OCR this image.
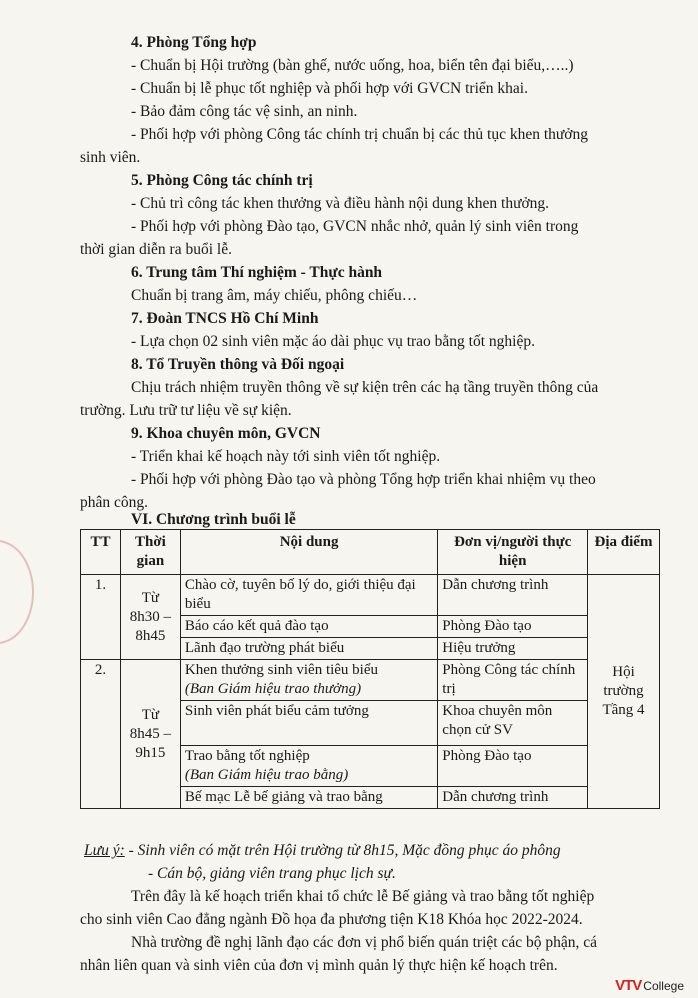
4. Phòng Tổng hợp
- Chuẩn bị Hội trường (bàn ghế, nước uống, hoa, biển tên đại biểu,…..)
- Chuẩn bị lễ phục tốt nghiệp và phối hợp với GVCN triển khai.
- Bảo đảm công tác vệ sinh, an ninh.
- Phối hợp với phòng Công tác chính trị chuẩn bị các thủ tục khen thưởng
sinh viên.
5. Phòng Công tác chính trị
- Chủ trì công tác khen thưởng và điều hành nội dung khen thưởng.
- Phối hợp với phòng Đào tạo, GVCN nhắc nhở, quản lý sinh viên trong
thời gian diễn ra buổi lễ.
6. Trung tâm Thí nghiệm - Thực hành
Chuẩn bị trang âm, máy chiếu, phông chiếu…
7. Đoàn TNCS Hồ Chí Minh
- Lựa chọn 02 sinh viên mặc áo dài phục vụ trao bằng tốt nghiệp.
8. Tổ Truyền thông và Đối ngoại
Chịu trách nhiệm truyền thông về sự kiện trên các hạ tầng truyền thông của
trường. Lưu trữ tư liệu về sự kiện.
9. Khoa chuyên môn, GVCN
- Triển khai kế hoạch này tới sinh viên tốt nghiệp.
- Phối hợp với phòng Đào tạo và phòng Tổng hợp triển khai nhiệm vụ theo
phân công.
VI. Chương trình buổi lễ
TT	Thời gian	Nội dung	Đơn vị/người thực hiện	Địa điểm
1.	Từ 8h30 – 8h45	Chào cờ, tuyên bố lý do, giới thiệu đại biểu	Dẫn chương trình	Hội trường Tầng 4
		Báo cáo kết quả đào tạo	Phòng Đào tạo	
		Lãnh đạo trường phát biểu	Hiệu trưởng	
2.	Từ 8h45 – 9h15	Khen thưởng sinh viên tiêu biểu
(Ban Giám hiệu trao thưởng)	Phòng Công tác chính trị	
		Sinh viên phát biểu cảm tưởng	Khoa chuyên môn chọn cử SV	

		Trao bằng tốt nghiệp
(Ban Giám hiệu trao bằng)	Phòng Đào tạo	
		Bế mạc Lễ bế giảng và trao bằng	Dẫn chương trình	
Lưu ý: - Sinh viên có mặt trên Hội trường từ 8h15, Mặc đồng phục áo phông
- Cán bộ, giảng viên trang phục lịch sự.
Trên đây là kế hoạch triển khai tổ chức lễ Bế giảng và trao bằng tốt nghiệp
cho sinh viên Cao đẳng ngành Đồ họa đa phương tiện K18 Khóa học 2022-2024.
Nhà trường đề nghị lãnh đạo các đơn vị phổ biến quán triệt các bộ phận, cá
nhân liên quan và sinh viên của đơn vị mình quản lý thực hiện kế hoạch trên.
VTV College
